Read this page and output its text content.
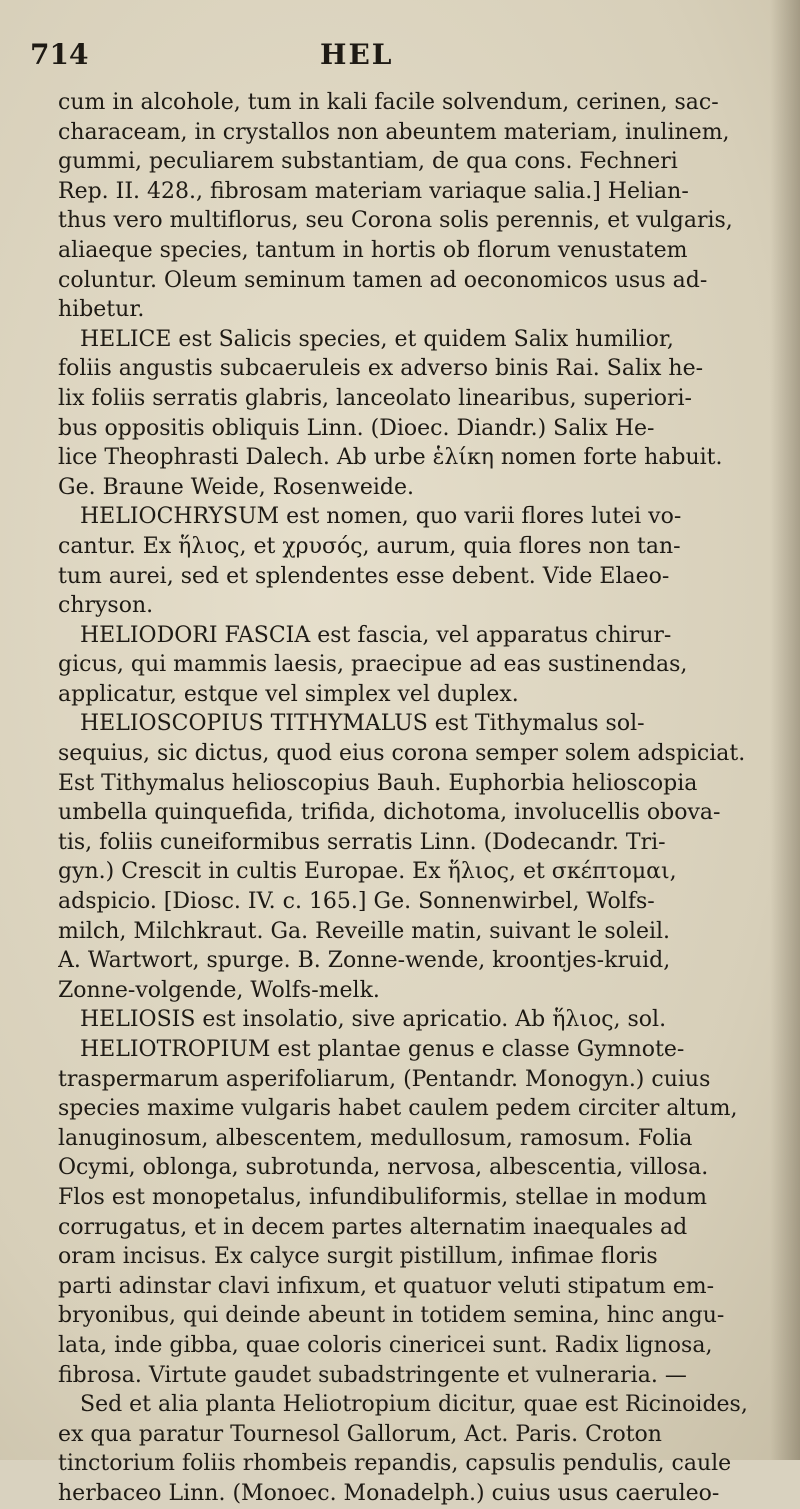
714	HEL
cum in alcohole, tum in kali facile solvendum, cerinen, sac-
characeam, in crystallos non abeuntem materiam, inulinem,
gummi, peculiarem substantiam, de qua cons. Fechneri
Rep. II. 428., fibrosam materiam variaque salia.] Helian-
thus vero multiflorus, seu Corona solis perennis, et vulgaris,
aliaeque species, tantum in hortis ob florum venustatem
coluntur. Oleum seminum tamen ad oeconomicos usus ad-
hibetur.
HELICE est Salicis species, et quidem Salix humilior,
foliis angustis subcaeruleis ex adverso binis Rai. Salix he-
lix foliis serratis glabris, lanceolato linearibus, superiori-
bus oppositis obliquis Linn. (Dioec. Diandr.) Salix He-
lice Theophrasti Dalech. Ab urbe ἑλίκη nomen forte habuit.
Ge. Braune Weide, Rosenweide.
HELIOCHRYSUM est nomen, quo varii flores lutei vo-
cantur. Ex ἥλιος, et χρυσός, aurum, quia flores non tan-
tum aurei, sed et splendentes esse debent. Vide Elaeo-
chryson.
HELIODORI FASCIA est fascia, vel apparatus chirur-
gicus, qui mammis laesis, praecipue ad eas sustinendas,
applicatur, estque vel simplex vel duplex.
HELIOSCOPIUS TITHYMALUS est Tithymalus sol-
sequius, sic dictus, quod eius corona semper solem adspiciat.
Est Tithymalus helioscopius Bauh. Euphorbia helioscopia
umbella quinquefida, trifida, dichotoma, involucellis obova-
tis, foliis cuneiformibus serratis Linn. (Dodecandr. Tri-
gyn.) Crescit in cultis Europae. Ex ἥλιος, et σκέπτομαι,
adspicio. [Diosc. IV. c. 165.] Ge. Sonnenwirbel, Wolfs-
milch, Milchkraut. Ga. Reveille matin, suivant le soleil.
A. Wartwort, spurge. B. Zonne-wende, kroontjes-kruid,
Zonne-volgende, Wolfs-melk.
HELIOSIS est insolatio, sive apricatio. Ab ἥλιος, sol.
HELIOTROPIUM est plantae genus e classe Gymnote-
traspermarum asperifoliarum, (Pentandr. Monogyn.) cuius
species maxime vulgaris habet caulem pedem circiter altum,
lanuginosum, albescentem, medullosum, ramosum. Folia
Ocymi, oblonga, subrotunda, nervosa, albescentia, villosa.
Flos est monopetalus, infundibuliformis, stellae in modum
corrugatus, et in decem partes alternatim inaequales ad
oram incisus. Ex calyce surgit pistillum, infimae floris
parti adinstar clavi infixum, et quatuor veluti stipatum em-
bryonibus, qui deinde abeunt in totidem semina, hinc angu-
lata, inde gibba, quae coloris cinericei sunt. Radix lignosa,
fibrosa. Virtute gaudet subadstringente et vulneraria. —
Sed et alia planta Heliotropium dicitur, quae est Ricinoides,
ex qua paratur Tournesol Gallorum, Act. Paris. Croton
tinctorium foliis rhombeis repandis, capsulis pendulis, caule
herbaceo Linn. (Monoec. Monadelph.) cuius usus caeruleo-
